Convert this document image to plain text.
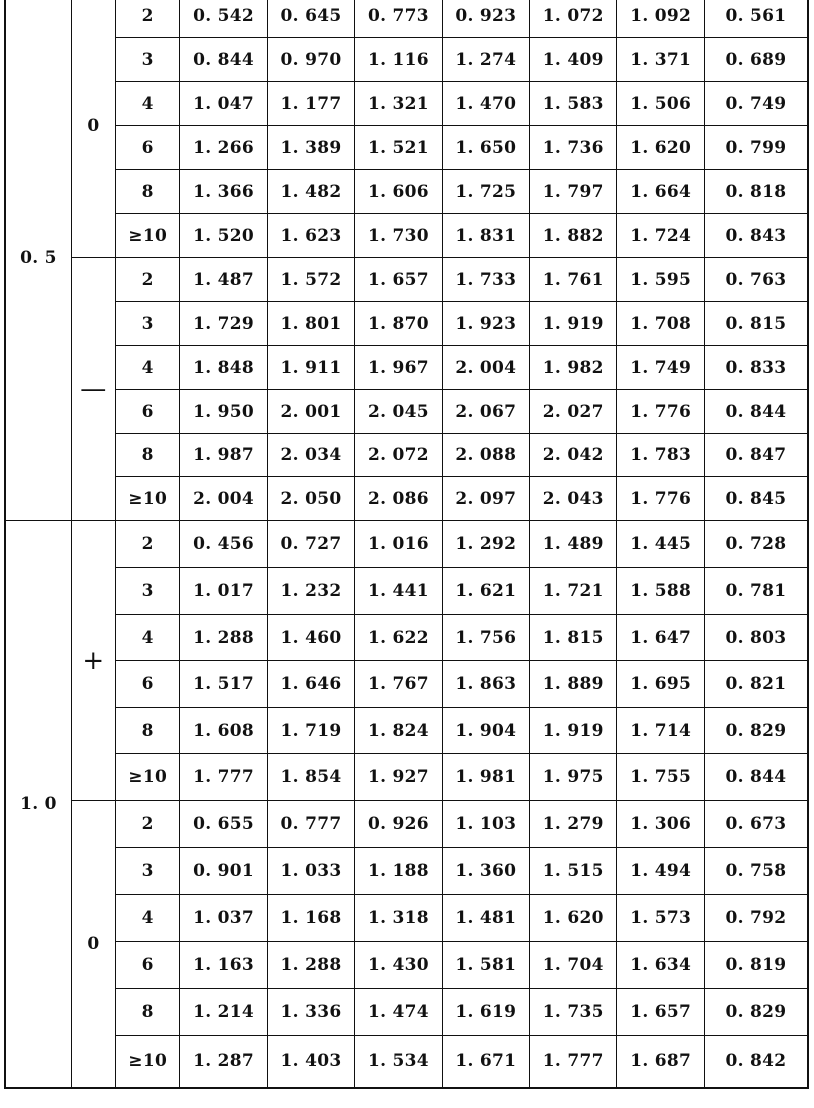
0. 5	0	2	0. 542	0. 645	0. 773	0. 923	1. 072	1. 092	0. 561
		3	0. 844	0. 970	1. 116	1. 274	1. 409	1. 371	0. 689
		4	1. 047	1. 177	1. 321	1. 470	1. 583	1. 506	0. 749
		6	1. 266	1. 389	1. 521	1. 650	1. 736	1. 620	0. 799
		8	1. 366	1. 482	1. 606	1. 725	1. 797	1. 664	0. 818
		≥10	1. 520	1. 623	1. 730	1. 831	1. 882	1. 724	0. 843
	—	2	1. 487	1. 572	1. 657	1. 733	1. 761	1. 595	0. 763
		3	1. 729	1. 801	1. 870	1. 923	1. 919	1. 708	0. 815
		4	1. 848	1. 911	1. 967	2. 004	1. 982	1. 749	0. 833
		6	1. 950	2. 001	2. 045	2. 067	2. 027	1. 776	0. 844
		8	1. 987	2. 034	2. 072	2. 088	2. 042	1. 783	0. 847
		≥10	2. 004	2. 050	2. 086	2. 097	2. 043	1. 776	0. 845
1. 0	+	2	0. 456	0. 727	1. 016	1. 292	1. 489	1. 445	0. 728
		3	1. 017	1. 232	1. 441	1. 621	1. 721	1. 588	0. 781
		4	1. 288	1. 460	1. 622	1. 756	1. 815	1. 647	0. 803
		6	1. 517	1. 646	1. 767	1. 863	1. 889	1. 695	0. 821
		8	1. 608	1. 719	1. 824	1. 904	1. 919	1. 714	0. 829
		≥10	1. 777	1. 854	1. 927	1. 981	1. 975	1. 755	0. 844
	0	2	0. 655	0. 777	0. 926	1. 103	1. 279	1. 306	0. 673
		3	0. 901	1. 033	1. 188	1. 360	1. 515	1. 494	0. 758
		4	1. 037	1. 168	1. 318	1. 481	1. 620	1. 573	0. 792
		6	1. 163	1. 288	1. 430	1. 581	1. 704	1. 634	0. 819
		8	1. 214	1. 336	1. 474	1. 619	1. 735	1. 657	0. 829
		≥10	1. 287	1. 403	1. 534	1. 671	1. 777	1. 687	0. 842
